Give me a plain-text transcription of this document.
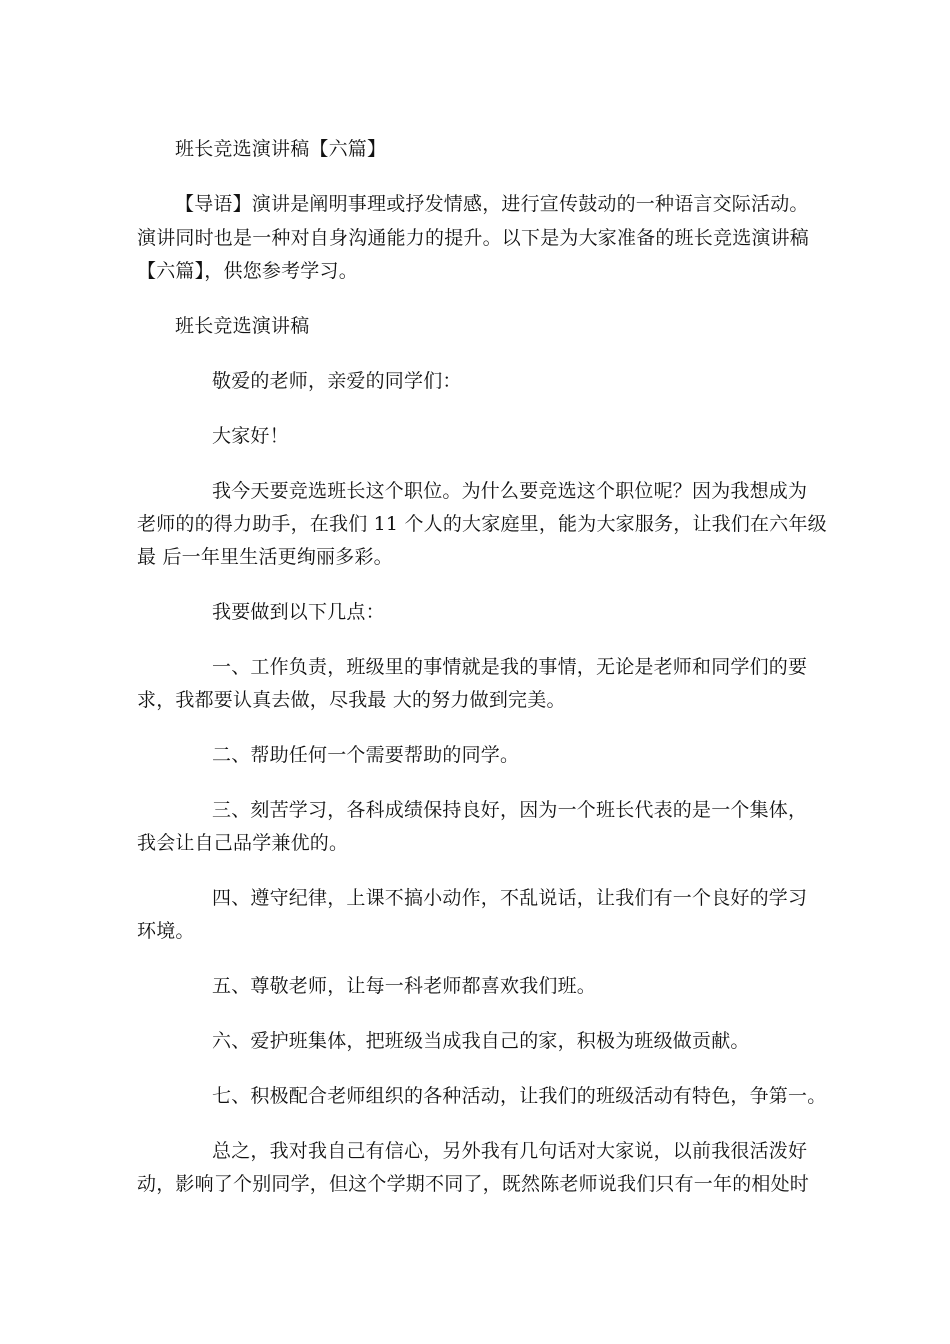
班长竞选演讲稿【六篇】
【导语】演讲是阐明事理或抒发情感，进行宣传鼓动的一种语言交际活动。
演讲同时也是一种对自身沟通能力的提升。以下是为大家准备的班长竞选演讲稿
【六篇】，供您参考学习。
班长竞选演讲稿
敬爱的老师，亲爱的同学们：
大家好！
我今天要竞选班长这个职位。为什么要竞选这个职位呢？因为我想成为
老师的的得力助手，在我们 11 个人的大家庭里，能为大家服务，让我们在六年级
最 后一年里生活更绚丽多彩。
我要做到以下几点：
一、工作负责，班级里的事情就是我的事情，无论是老师和同学们的要
求，我都要认真去做，尽我最 大的努力做到完美。
二、帮助任何一个需要帮助的同学。
三、刻苦学习，各科成绩保持良好，因为一个班长代表的是一个集体，
我会让自己品学兼优的。
四、遵守纪律，上课不搞小动作，不乱说话，让我们有一个良好的学习
环境。
五、尊敬老师，让每一科老师都喜欢我们班。
六、爱护班集体，把班级当成我自己的家，积极为班级做贡献。
七、积极配合老师组织的各种活动，让我们的班级活动有特色，争第一。
总之，我对我自己有信心，另外我有几句话对大家说，以前我很活泼好
动，影响了个别同学，但这个学期不同了，既然陈老师说我们只有一年的相处时
